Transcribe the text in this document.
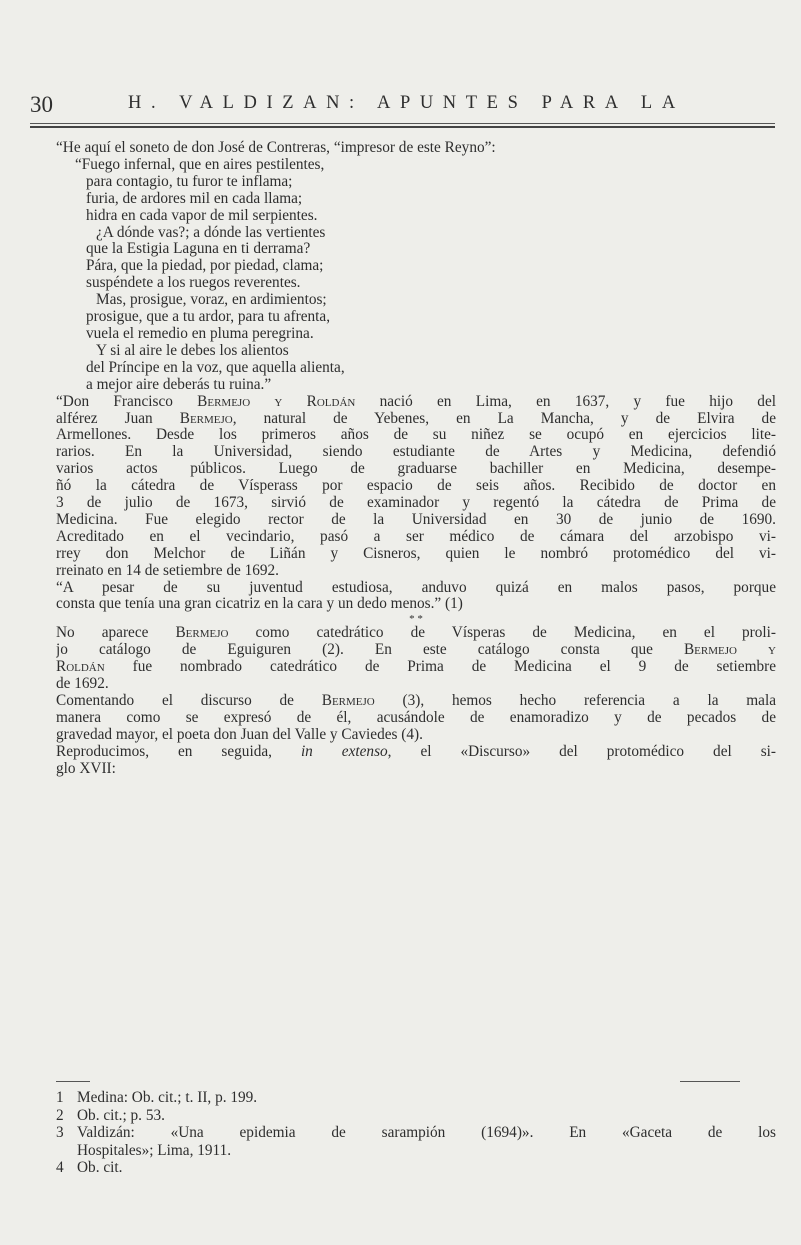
30	H. VALDIZAN: APUNTES PARA LA
“He aquí el soneto de don José de Contreras, “impresor de este Reyno”:
“Fuego infernal, que en aires pestilentes,
para contagio, tu furor te inflama;
furia, de ardores mil en cada llama;
hidra en cada vapor de mil serpientes.
¿A dónde vas?; a dónde las vertientes
que la Estigia Laguna en ti derrama?
Pára, que la piedad, por piedad, clama;
suspéndete a los ruegos reverentes.
Mas, prosigue, voraz, en ardimientos;
prosigue, que a tu ardor, para tu afrenta,
vuela el remedio en pluma peregrina.
Y si al aire le debes los alientos
del Príncipe en la voz, que aquella alienta,
a mejor aire deberás tu ruina.”
“Don Francisco Bermejo y Roldán nació en Lima, en 1637, y fue hijo del
alférez Juan Bermejo, natural de Yebenes, en La Mancha, y de Elvira de
Armellones. Desde los primeros años de su niñez se ocupó en ejercicios lite-
rarios. En la Universidad, siendo estudiante de Artes y Medicina, defendió
varios actos públicos. Luego de graduarse bachiller en Medicina, desempe-
ñó la cátedra de Vísperass por espacio de seis años. Recibido de doctor en
3 de julio de 1673, sirvió de examinador y regentó la cátedra de Prima de
Medicina. Fue elegido rector de la Universidad en 30 de junio de 1690.
Acreditado en el vecindario, pasó a ser médico de cámara del arzobispo vi-
rrey don Melchor de Liñán y Cisneros, quien le nombró protomédico del vi-
rreinato en 14 de setiembre de 1692.
“A pesar de su juventud estudiosa, anduvo quizá en malos pasos, porque
consta que tenía una gran cicatriz en la cara y un dedo menos.” (1)
* *
No aparece Bermejo como catedrático de Vísperas de Medicina, en el proli-
jo catálogo de Eguiguren (2). En este catálogo consta que Bermejo y
Roldán fue nombrado catedrático de Prima de Medicina el 9 de setiembre
de 1692.
Comentando el discurso de Bermejo (3), hemos hecho referencia a la mala
manera como se expresó de él, acusándole de enamoradizo y de pecados de
gravedad mayor, el poeta don Juan del Valle y Caviedes (4).
Reproducimos, en seguida, in extenso, el «Discurso» del protomédico del si-
glo XVII:
1 Medina: Ob. cit.; t. II, p. 199.
2 Ob. cit.; p. 53.
3 Valdizán: «Una epidemia de sarampión (1694)». En «Gaceta de los
Hospitales»; Lima, 1911.
4 Ob. cit.
